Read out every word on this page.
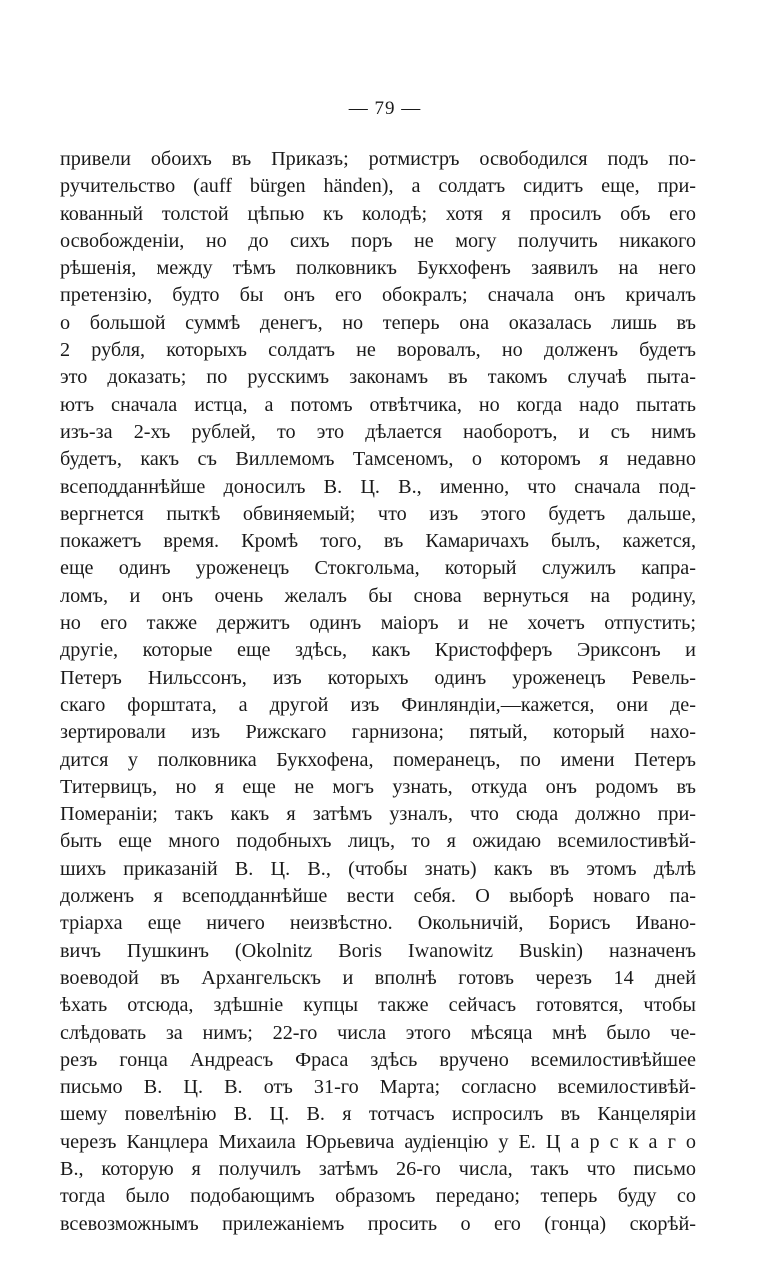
— 79 —
привели обоихъ въ Приказъ; ротмистръ освободился подъ по-
ручительство (auff bürgen händen), а солдатъ сидитъ еще, при-
кованный толстой цѣпью къ колодѣ; хотя я просилъ объ его
освобожденіи, но до сихъ поръ не могу получить никакого
рѣшенія, между тѣмъ полковникъ Букхофенъ заявилъ на него
претензію, будто бы онъ его обокралъ; сначала онъ кричалъ
о большой суммѣ денегъ, но теперь она оказалась лишь въ
2 рубля, которыхъ солдатъ не воровалъ, но долженъ будетъ
это доказать; по русскимъ законамъ въ такомъ случаѣ пыта-
ютъ сначала истца, а потомъ отвѣтчика, но когда надо пытать
изъ-за 2-хъ рублей, то это дѣлается наоборотъ, и съ нимъ
будетъ, какъ съ Виллемомъ Тамсеномъ, о которомъ я недавно
всеподданнѣйше доносилъ В. Ц. В., именно, что сначала под-
вергнется пыткѣ обвиняемый; что изъ этого будетъ дальше,
покажетъ время. Кромѣ того, въ Камаричахъ былъ, кажется,
еще одинъ уроженецъ Стокгольма, который служилъ капра-
ломъ, и онъ очень желалъ бы снова вернуться на родину,
но его также держитъ одинъ маіоръ и не хочетъ отпустить;
другіе, которые еще здѣсь, какъ Кристофферъ Эриксонъ и
Петеръ Нильссонъ, изъ которыхъ одинъ уроженецъ Ревель-
скаго форштата, а другой изъ Финляндіи,—кажется, они де-
зертировали изъ Рижскаго гарнизона; пятый, который нахо-
дится у полковника Букхофена, померанецъ, по имени Петеръ
Титервицъ, но я еще не могъ узнать, откуда онъ родомъ въ
Помераніи; такъ какъ я затѣмъ узналъ, что сюда должно при-
быть еще много подобныхъ лицъ, то я ожидаю всемилостивѣй-
шихъ приказаній В. Ц. В., (чтобы знать) какъ въ этомъ дѣлѣ
долженъ я всеподданнѣйше вести себя. О выборѣ новаго па-
тріарха еще ничего неизвѣстно. Окольничій, Борисъ Ивано-
вичъ Пушкинъ (Okolnitz Boris Iwanowitz Buskin) назначенъ
воеводой въ Архангельскъ и вполнѣ готовъ черезъ 14 дней
ѣхать отсюда, здѣшніе купцы также сейчасъ готовятся, чтобы
слѣдовать за нимъ; 22-го числа этого мѣсяца мнѣ было че-
резъ гонца Андреасъ Фраса здѣсь вручено всемилостивѣйшее
письмо В. Ц. В. отъ 31-го Марта; согласно всемилостивѣй-
шему повелѣнію В. Ц. В. я тотчасъ испросилъ въ Канцеляріи
черезъ Канцлера Михаила Юрьевича аудіенцію у Е. Ц а р с к а г о
В., которую я получилъ затѣмъ 26-го числа, такъ что письмо
тогда было подобающимъ образомъ передано; теперь буду со
всевозможнымъ прилежаніемъ просить о его (гонца) скорѣй-
